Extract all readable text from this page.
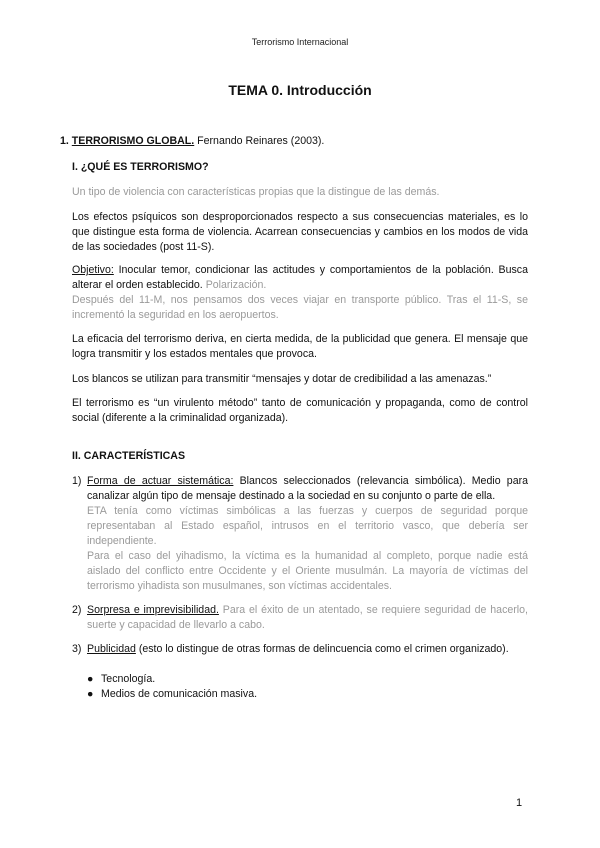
Terrorismo Internacional
TEMA 0. Introducción
1. TERRORISMO GLOBAL. Fernando Reinares (2003).
I. ¿QUÉ ES TERRORISMO?

Un tipo de violencia con características propias que la distingue de las demás.

Los efectos psíquicos son desproporcionados respecto a sus consecuencias materiales, es lo que distingue esta forma de violencia. Acarrean consecuencias y cambios en los modos de vida de las sociedades (post 11-S).

Objetivo: Inocular temor, condicionar las actitudes y comportamientos de la población. Busca alterar el orden establecido. Polarización.

Después del 11-M, nos pensamos dos veces viajar en transporte público. Tras el 11-S, se incrementó la seguridad en los aeropuertos.

La eficacia del terrorismo deriva, en cierta medida, de la publicidad que genera. El mensaje que logra transmitir y los estados mentales que provoca.

Los blancos se utilizan para transmitir “mensajes y dotar de credibilidad a las amenazas.”

El terrorismo es “un virulento método” tanto de comunicación y propaganda, como de control social (diferente a la criminalidad organizada).

II. CARACTERÍSTICAS
1) Forma de actuar sistemática: Blancos seleccionados (relevancia simbólica). Medio para canalizar algún tipo de mensaje destinado a la sociedad en su conjunto o parte de ella.

ETA tenía como víctimas simbólicas a las fuerzas y cuerpos de seguridad porque representaban al Estado español, intrusos en el territorio vasco, que debería ser independiente.

Para el caso del yihadismo, la víctima es la humanidad al completo, porque nadie está aislado del conflicto entre Occidente y el Oriente musulmán. La mayoría de víctimas del terrorismo yihadista son musulmanes, son víctimas accidentales.

2) Sorpresa e imprevisibilidad. Para el éxito de un atentado, se requiere seguridad de hacerlo, suerte y capacidad de llevarlo a cabo.

3) Publicidad (esto lo distingue de otras formas de delincuencia como el crimen organizado).

● Tecnología.
● Medios de comunicación masiva.
1
